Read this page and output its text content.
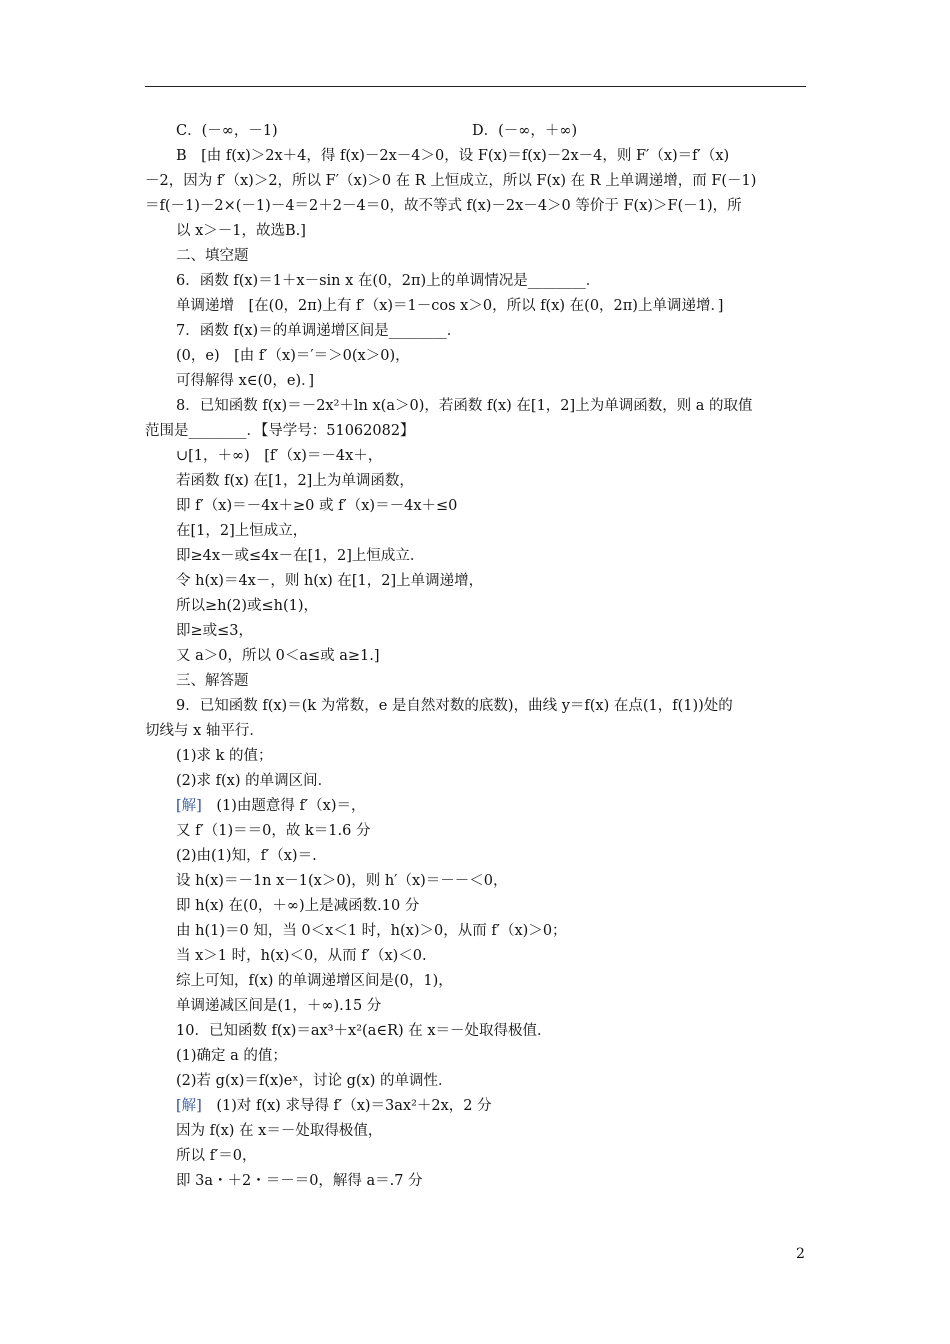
C．(－∞，－1)	D．(－∞，＋∞)
B　[由 f(x)＞2x＋4，得 f(x)－2x－4＞0，设 F(x)＝f(x)－2x－4，则 F′（x)＝f′（x)
－2，因为 f′（x)＞2，所以 F′（x)＞0 在 R 上恒成立，所以 F(x) 在 R 上单调递增，而 F(－1)
＝f(－1)－2×(－1)－4＝2＋2－4＝0，故不等式 f(x)－2x－4＞0 等价于 F(x)＞F(－1)，所
以 x＞－1，故选B.]
二、填空题
6．函数 f(x)＝1＋x－sin x 在(0，2π)上的单调情况是________．
单调递增　[在(0，2π)上有 f′（x)＝1－cos x＞0，所以 f(x) 在(0，2π)上单调递增．]
7．函数 f(x)＝的单调递增区间是________．
(0，e)　[由 f′（x)＝′＝＞0(x＞0)，
可得解得 x∈(0，e)．]
8．已知函数 f(x)＝－2x²＋ln x(a＞0)，若函数 f(x) 在[1，2]上为单调函数，则 a 的取值
范围是________．【导学号：51062082】
∪[1，＋∞)　[f′（x)＝－4x＋，
若函数 f(x) 在[1，2]上为单调函数，
即 f′（x)＝－4x＋≥0 或 f′（x)＝－4x＋≤0
在[1，2]上恒成立，
即≥4x－或≤4x－在[1，2]上恒成立．
令 h(x)＝4x－，则 h(x) 在[1，2]上单调递增，
所以≥h(2)或≤h(1)，
即≥或≤3，
又 a＞0，所以 0＜a≤或 a≥1.]
三、解答题
9．已知函数 f(x)＝(k 为常数，e 是自然对数的底数)，曲线 y＝f(x) 在点(1，f(1))处的
切线与 x 轴平行．
(1)求 k 的值；
(2)求 f(x) 的单调区间．
[解]　 (1)由题意得 f′（x)＝，
又 f′（1)＝＝0，故 k＝1.6 分
(2)由(1)知，f′（x)＝.
设 h(x)＝－1n x－1(x＞0)，则 h′（x)＝－－＜0，
即 h(x) 在(0，＋∞)上是减函数.10 分
由 h(1)＝0 知，当 0＜x＜1 时，h(x)＞0，从而 f′（x)＞0；
当 x＞1 时，h(x)＜0，从而 f′（x)＜0.
综上可知，f(x) 的单调递增区间是(0，1)，
单调递减区间是(1，＋∞).15 分
10．已知函数 f(x)＝ax³＋x²(a∈R) 在 x＝－处取得极值．
(1)确定 a 的值；
(2)若 g(x)＝f(x)eˣ，讨论 g(x) 的单调性．
[解]　 (1)对 f(x) 求导得 f′（x)＝3ax²＋2x，2 分
因为 f(x) 在 x＝－处取得极值，
所以 f′＝0，
即 3a・＋2・＝－＝0，解得 a＝.7 分
2
